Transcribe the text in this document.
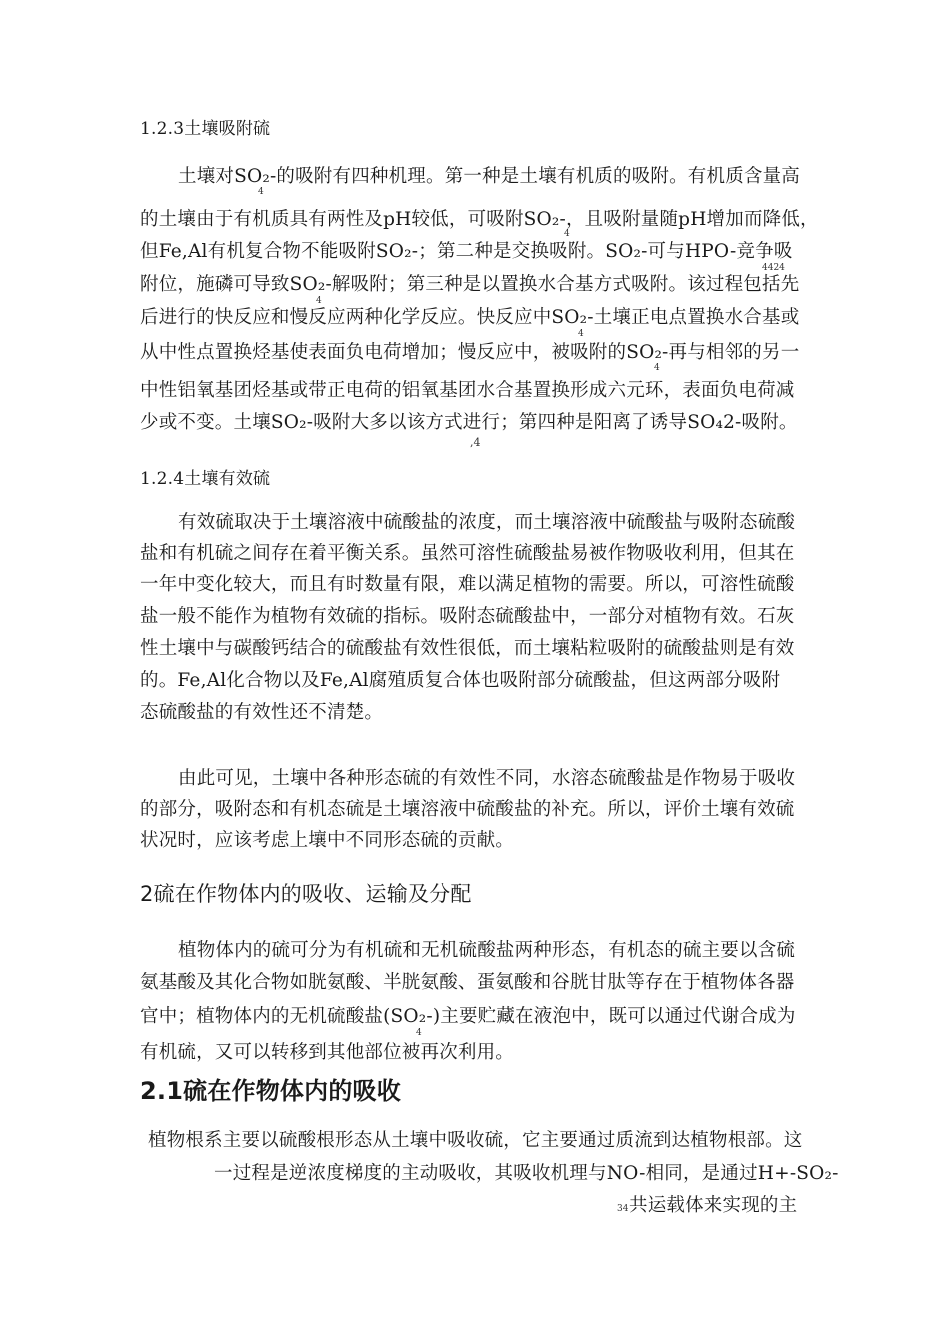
1.2.3土壤吸附硫
土壤对SO₂-的吸附有四种机理。第一种是土壤有机质的吸附。有机质含量高
4
的土壤由于有机质具有两性及pH较低，可吸附SO₂-，且吸附量随pH增加而降低，
4
但Fe,Al有机复合物不能吸附SO₂-；第二种是交换吸附。SO₂-可与HPO-竞争吸
4424
附位，施磷可导致SO₂-解吸附；第三种是以置换水合基方式吸附。该过程包括先
4
后进行的快反应和慢反应两种化学反应。快反应中SO₂-土壤正电点置换水合基或
4
从中性点置换烃基使表面负电荷增加；慢反应中，被吸附的SO₂-再与相邻的另一
4
中性铝氧基团烃基或带正电荷的铝氧基团水合基置换形成六元环，表面负电荷减
少或不变。土壤SO₂-吸附大多以该方式进行；第四种是阳离了诱导SO₄2-吸附。
,4
1.2.4土壤有效硫
有效硫取决于土壤溶液中硫酸盐的浓度，而土壤溶液中硫酸盐与吸附态硫酸
盐和有机硫之间存在着平衡关系。虽然可溶性硫酸盐易被作物吸收利用，但其在
一年中变化较大，而且有时数量有限，难以满足植物的需要。所以，可溶性硫酸
盐一般不能作为植物有效硫的指标。吸附态硫酸盐中，一部分对植物有效。石灰
性土壤中与碳酸钙结合的硫酸盐有效性很低，而土壤粘粒吸附的硫酸盐则是有效
的。Fe,Al化合物以及Fe,Al腐殖质复合体也吸附部分硫酸盐，但这两部分吸附
态硫酸盐的有效性还不清楚。
由此可见，土壤中各种形态硫的有效性不同，水溶态硫酸盐是作物易于吸收
的部分，吸附态和有机态硫是土壤溶液中硫酸盐的补充。所以，评价土壤有效硫
状况时，应该考虑上壤中不同形态硫的贡献。
2硫在作物体内的吸收、运输及分配
植物体内的硫可分为有机硫和无机硫酸盐两种形态，有机态的硫主要以含硫
氨基酸及其化合物如胱氨酸、半胱氨酸、蛋氨酸和谷胱甘肽等存在于植物体各器
官中；植物体内的无机硫酸盐(SO₂-)主要贮藏在液泡中，既可以通过代谢合成为
4
有机硫，又可以转移到其他部位被再次利用。
2.1硫在作物体内的吸收
植物根系主要以硫酸根形态从土壤中吸收硫，它主要通过质流到达植物根部。这
一过程是逆浓度梯度的主动吸收，其吸收机理与NO-相同，是通过H+-SO₂-
34 共运载体来实现的主
